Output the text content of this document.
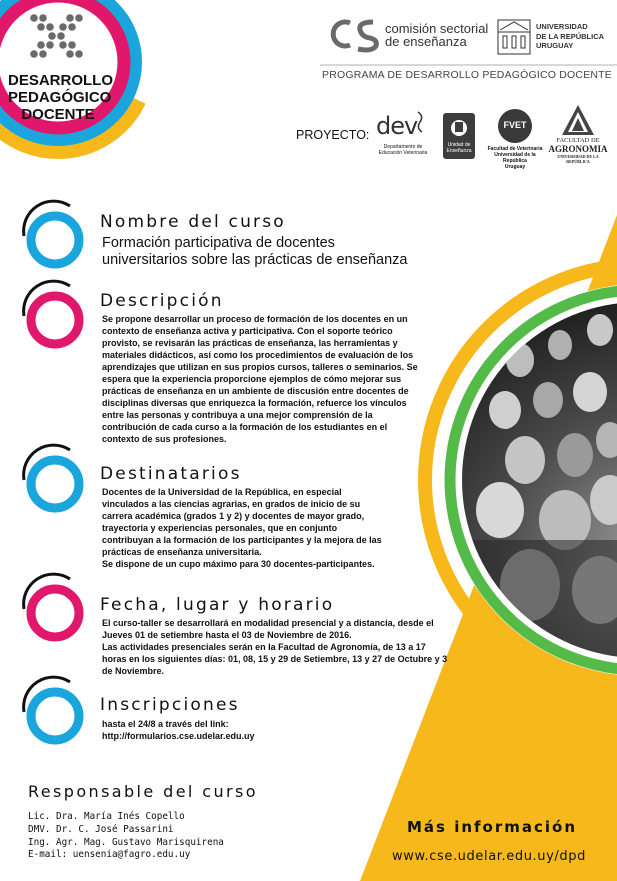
DESARROLLO
PEDAGÓGICO
DOCENTE
comisión sectorial
de enseñanza
UNIVERSIDAD
DE LA REPÚBLICA
URUGUAY
PROGRAMA DE DESARROLLO PEDAGÓGICO DOCENTE
PROYECTO: dev
Departamento de Educación Veterinaria
Unidad de Enseñanza
FVET
Facultad de Veterinaria
Universidad de la República
Uruguay
FACULTAD DE
AGRONOMIA
UNIVERSIDAD DE LA REPÚBLICA
Nombre del curso
Formación participativa de docentes
universitarios sobre las prácticas de enseñanza
Descripción
Se propone desarrollar un proceso de formación de los docentes en un contexto de enseñanza activa y participativa. Con el soporte teórico provisto, se revisarán las prácticas de enseñanza, las herramientas y materiales didácticos, así como los procedimientos de evaluación de los aprendizajes que utilizan en sus propios cursos, talleres o seminarios. Se espera que la experiencia proporcione ejemplos de cómo mejorar sus prácticas de enseñanza en un ambiente de discusión entre docentes de disciplinas diversas que enriquezca la formación, refuerce los vínculos entre las personas y contribuya a una mejor comprensión de la contribución de cada curso a la formación de los estudiantes en el contexto de sus profesiones.
Destinatarios
Docentes de la Universidad de la República, en especial vinculados a las ciencias agrarias, en grados de inicio de su carrera académica (grados 1 y 2) y docentes de mayor grado, trayectoria y experiencias personales, que en conjunto contribuyan a la formación de los participantes y la mejora de las prácticas de enseñanza universitaria.
Se dispone de un cupo máximo para 30 docentes-participantes.
Fecha, lugar y horario
El curso-taller se desarrollará en modalidad presencial y a distancia, desde el Jueves 01 de setiembre hasta el 03 de Noviembre de 2016.
Las actividades presenciales serán en la Facultad de Agronomía, de 13 a 17 horas en los siguientes días: 01, 08, 15 y 29 de Setiembre, 13 y 27 de Octubre y 3 de Noviembre.
Inscripciones
hasta el 24/8 a través del link:
http://formularios.cse.udelar.edu.uy
Responsable del curso
Lic. Dra. María Inés Copello
DMV. Dr. C. José Passarini
Ing. Agr. Mag. Gustavo Marisquirena
E-mail: uensenia@fagro.edu.uy
Más información
www.cse.udelar.edu.uy/dpd
